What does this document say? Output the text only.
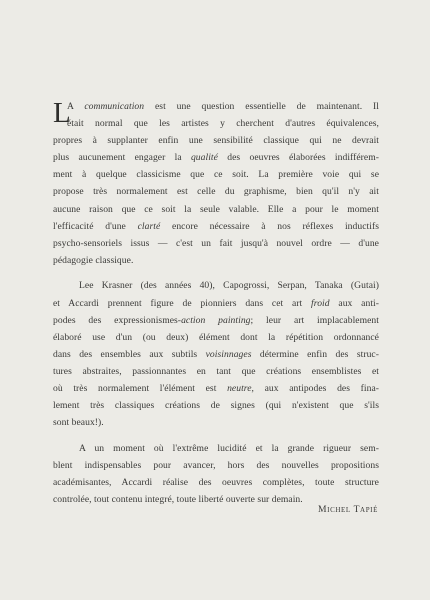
L
A communication est une question essentielle de maintenant. Il
était normal que les artistes y cherchent d'autres équivalences,
propres à supplanter enfin une sensibilité classique qui ne devrait
plus aucunement engager la qualité des oeuvres élaborées indifférem-
ment à quelque classicisme que ce soit. La première voie qui se
propose très normalement est celle du graphisme, bien qu'il n'y ait
aucune raison que ce soit la seule valable. Elle a pour le moment
l'efficacité d'une clarté encore nécessaire à nos réflexes inductifs
psycho-sensoriels issus — c'est un fait jusqu'à nouvel ordre — d'une
pédagogie classique.
Lee Krasner (des années 40), Capogrossi, Serpan, Tanaka (Gutai)
et Accardi prennent figure de pionniers dans cet art froid aux anti-
podes des expressionismes-action painting; leur art implacablement
élaboré use d'un (ou deux) élément dont la répétition ordonnancé
dans des ensembles aux subtils voisinnages détermine enfin des struc-
tures abstraites, passionnantes en tant que créations ensemblistes et
où très normalement l'élément est neutre, aux antipodes des fina-
lement très classiques créations de signes (qui n'existent que s'ils
sont beaux!).
A un moment où l'extrême lucidité et la grande rigueur sem-
blent indispensables pour avancer, hors des nouvelles propositions
académisantes, Accardi réalise des oeuvres complètes, toute structure
controlée, tout contenu integré, toute liberté ouverte sur demain.
Michel Tapié
